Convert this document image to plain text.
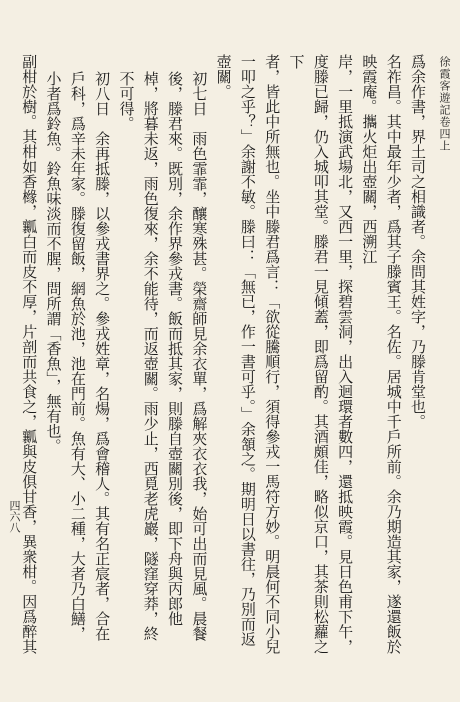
徐霞客遊記卷四上
四六八
爲余作書，界土司之相識者。余問其姓字，乃滕肯堂也。
名祚昌。其中最年少者，爲其子滕賓王。名佐。居城中千戶所前。余乃期造其家，遂還飯於映霞庵。攜火炬出壺關，西溯江
岸，一里抵演武場北，又西一里，探碧雲洞，出入迴環者數四，還抵映霞。見日色甫下午，度滕已歸，仍入城叩其堂。滕君一見傾蓋，即爲留酌。其酒頗佳，略似京口，其茶則松蘿之下
者，皆此中所無也。坐中滕君爲言：「欲從騰順行，須得參戎一馬符方妙。明晨何不同小兒一叩之乎？」余謝不敏。滕曰：「無已，作一書可乎。」余頷之。期明日以書往，乃別而返壺關。
初七日　雨色霏霏，釀寒殊甚。榮齋師見余衣單，爲解夾衣衣我，始可出而見風。晨餐後，滕君來。既別，余作界參戎書。飯而抵其家，則滕自壺關別後，即下舟與丙郎他棹，將暮未返，雨色復來，余不能待，而返壺關。雨少止，西覓老虎巖，隧窪穿莽，終不可得。
初八日　余再抵滕，以參戎書界之。參戎姓章，名煬，爲會稽人。其有名正宸者，合在戶科，爲辛未年家。滕復留飯，網魚於池，池在門前。魚有大、小二種，大者乃白鱔，小者爲鈴魚。鈴魚味淡而不腥，問所謂「香魚」，無有也。
副柑於樹。其柑如香橼，瓤白而皮不厚，片剖而共食之，瓤與皮俱甘香，異衆柑。因爲醉其
